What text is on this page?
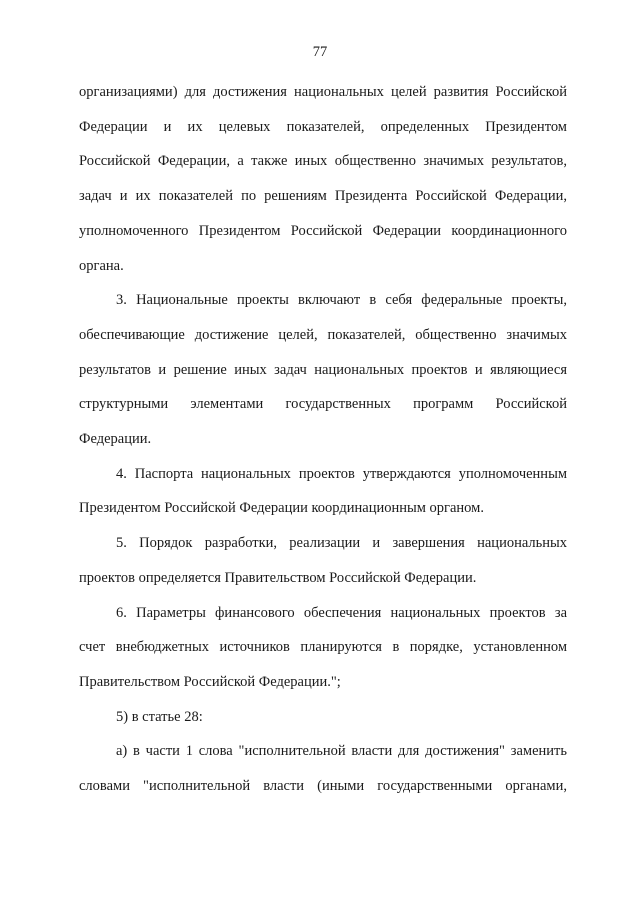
77
организациями) для достижения национальных целей развития Российской
Федерации и их целевых показателей, определенных Президентом
Российской Федерации, а также иных общественно значимых результатов,
задач и их показателей по решениям Президента Российской Федерации,
уполномоченного Президентом Российской Федерации координационного
органа.
3. Национальные проекты включают в себя федеральные проекты,
обеспечивающие достижение целей, показателей, общественно значимых
результатов и решение иных задач национальных проектов и являющиеся
структурными элементами государственных программ Российской
Федерации.
4. Паспорта национальных проектов утверждаются уполномоченным
Президентом Российской Федерации координационным органом.
5. Порядок разработки, реализации и завершения национальных
проектов определяется Правительством Российской Федерации.
6. Параметры финансового обеспечения национальных проектов за
счет внебюджетных источников планируются в порядке, установленном
Правительством Российской Федерации.";
5) в статье 28:
а) в части 1 слова "исполнительной власти для достижения" заменить
словами "исполнительной власти (иными государственными органами,
